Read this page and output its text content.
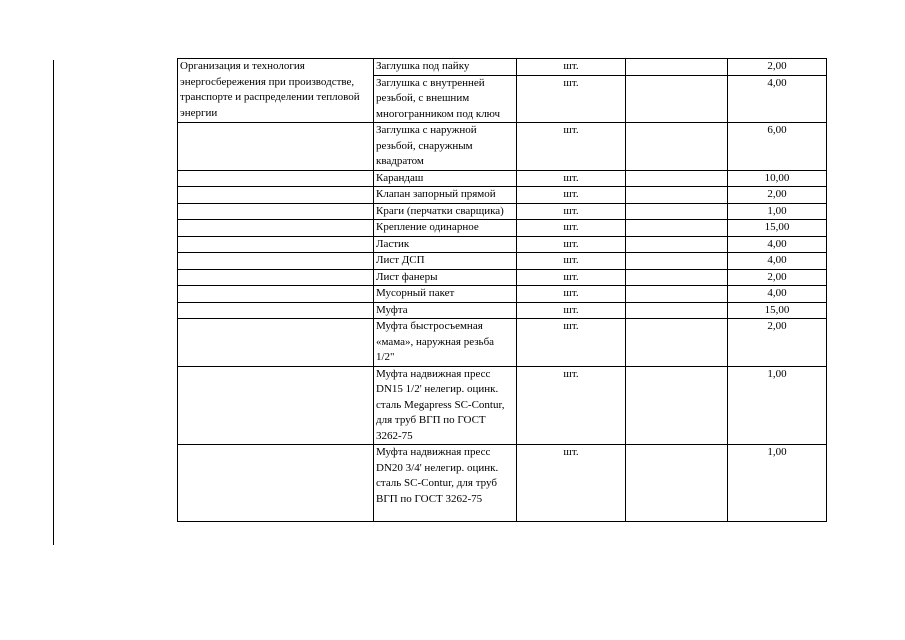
Организация и технология энергосбережения при производстве, транспорте и распределении тепловой энергии	Заглушка под пайку	шт.		2,00
	Заглушка с внутренней резьбой, с внешним многогранником под ключ	шт.		4,00
	Заглушка с наружной резьбой, снаружным квадратом	шт.		6,00
	Карандаш	шт.		10,00
	Клапан запорный прямой	шт.		2,00
	Краги (перчатки сварщика)	шт.		1,00
	Крепление одинарное	шт.		15,00
	Ластик	шт.		4,00
	Лист ДСП	шт.		4,00
	Лист фанеры	шт.		2,00
	Мусорный пакет	шт.		4,00
	Муфта	шт.		15,00
	Муфта быстросъемная «мама», наружная резьба 1/2"	шт.		2,00
	Муфта надвижная пресс DN15 1/2' нелегир. оцинк. сталь Megapress SC-Contur, для труб ВГП по ГОСТ 3262-75	шт.		1,00
	Муфта надвижная пресс DN20 3/4' нелегир. оцинк. сталь SC-Contur, для труб ВГП по ГОСТ 3262-75	шт.		1,00
